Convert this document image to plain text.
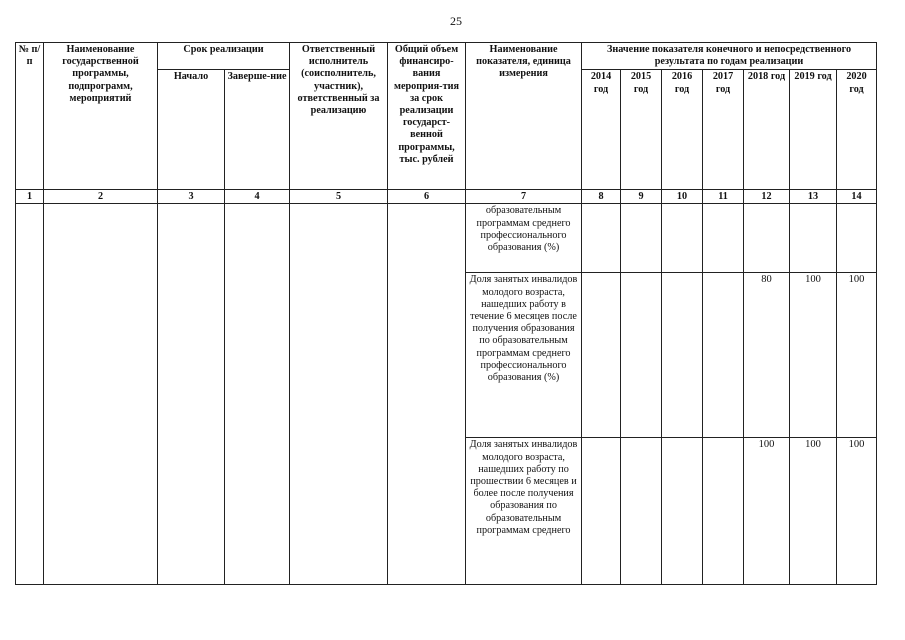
25
№ п/п	Наименование государственной программы, подпрограмм, мероприятий	Срок реализации		Ответственный исполнитель (соисполнитель, участник), ответственный за реализацию	Общий объем финансиро-вания мероприя-тия за срок реализации государст-венной программы, тыс. рублей	Наименование показателя, единица измерения	Значение показателя конечного и непосредственного результата по годам реализации						
		Начало	Заверше-ние				2014 год	2015 год	2016 год	2017 год	2018 год	2019 год	2020 год
1	2	3	4	5	6	7	8	9	10	11	12	13	14
						образовательным программам среднего профессионального образования (%)							
						Доля занятых инвалидов молодого возраста, нашедших работу в течение 6 месяцев после получения образования по образовательным программам среднего профессионального образования (%)					80	100	100
						Доля занятых инвалидов молодого возраста, нашедших работу по прошествии 6 месяцев и более после получения образования по образовательным программам среднего					100	100	100
